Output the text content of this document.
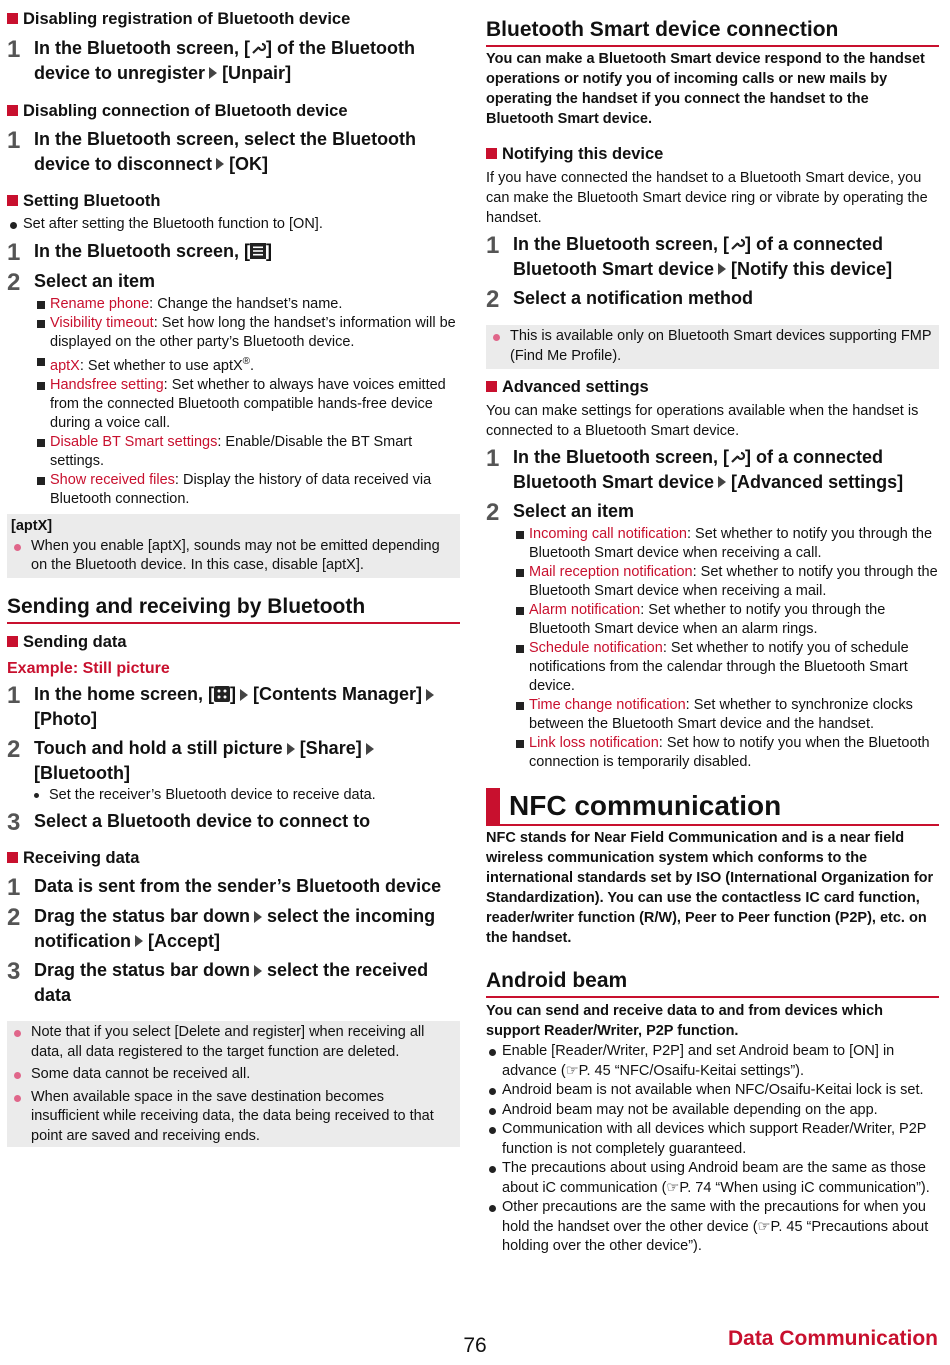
Disabling registration of Bluetooth device
1 In the Bluetooth screen, [ ] of the Bluetooth device to unregister [Unpair]
Disabling connection of Bluetooth device
1 In the Bluetooth screen, select the Bluetooth device to disconnect [OK]
Setting Bluetooth
Set after setting the Bluetooth function to [ON].
1 In the Bluetooth screen, [ ]
2 Select an item
Rename phone: Change the handset’s name.
Visibility timeout: Set how long the handset’s information will be displayed on the other party’s Bluetooth device.
aptX: Set whether to use aptX®.
Handsfree setting: Set whether to always have voices emitted from the connected Bluetooth compatible hands-free device during a voice call.
Disable BT Smart settings: Enable/Disable the BT Smart settings.
Show received files: Display the history of data received via Bluetooth connection.
[aptX]
When you enable [aptX], sounds may not be emitted depending on the Bluetooth device. In this case, disable [aptX].
Sending and receiving by Bluetooth
Sending data
Example: Still picture
1 In the home screen, [ ] [Contents Manager][Photo]
2 Touch and hold a still picture [Share][Bluetooth]
Set the receiver’s Bluetooth device to receive data.
3 Select a Bluetooth device to connect to
Receiving data
1 Data is sent from the sender’s Bluetooth device
2 Drag the status bar down select the incoming notification [Accept]
3 Drag the status bar down select the received data
Note that if you select [Delete and register] when receiving all data, all data registered to the target function are deleted.
Some data cannot be received all.
When available space in the save destination becomes insufficient while receiving data, the data being received to that point are saved and receiving ends.
Bluetooth Smart device connection
You can make a Bluetooth Smart device respond to the handset operations or notify you of incoming calls or new mails by operating the handset if you connect the handset to the Bluetooth Smart device.
Notifying this device
If you have connected the handset to a Bluetooth Smart device, you can make the Bluetooth Smart device ring or vibrate by operating the handset.
1 In the Bluetooth screen, [ ] of a connected Bluetooth Smart device [Notify this device]
2 Select a notification method
This is available only on Bluetooth Smart devices supporting FMP (Find Me Profile).
Advanced settings
You can make settings for operations available when the handset is connected to a Bluetooth Smart device.
1 In the Bluetooth screen, [ ] of a connected Bluetooth Smart device [Advanced settings]
2 Select an item
Incoming call notification: Set whether to notify you through the Bluetooth Smart device when receiving a call.
Mail reception notification: Set whether to notify you through the Bluetooth Smart device when receiving a mail.
Alarm notification: Set whether to notify you through the Bluetooth Smart device when an alarm rings.
Schedule notification: Set whether to notify you of schedule notifications from the calendar through the Bluetooth Smart device.
Time change notification: Set whether to synchronize clocks between the Bluetooth Smart device and the handset.
Link loss notification: Set how to notify you when the Bluetooth connection is temporarily disabled.
NFC communication
NFC stands for Near Field Communication and is a near field wireless communication system which conforms to the international standards set by ISO (International Organization for Standardization). You can use the contactless IC card function, reader/writer function (R/W), Peer to Peer function (P2P), etc. on the handset.
Android beam
You can send and receive data to and from devices which support Reader/Writer, P2P function.
Enable [Reader/Writer, P2P] and set Android beam to [ON] in advance (☞P. 45 “NFC/Osaifu-Keitai settings”).
Android beam is not available when NFC/Osaifu-Keitai lock is set.
Android beam may not be available depending on the app.
Communication with all devices which support Reader/Writer, P2P function is not completely guaranteed.
The precautions about using Android beam are the same as those about iC communication (☞P. 74 “When using iC communication”).
Other precautions are the same with the precautions for when you hold the handset over the other device (☞P. 45 “Precautions about holding over the other device”).
76	Data Communication
